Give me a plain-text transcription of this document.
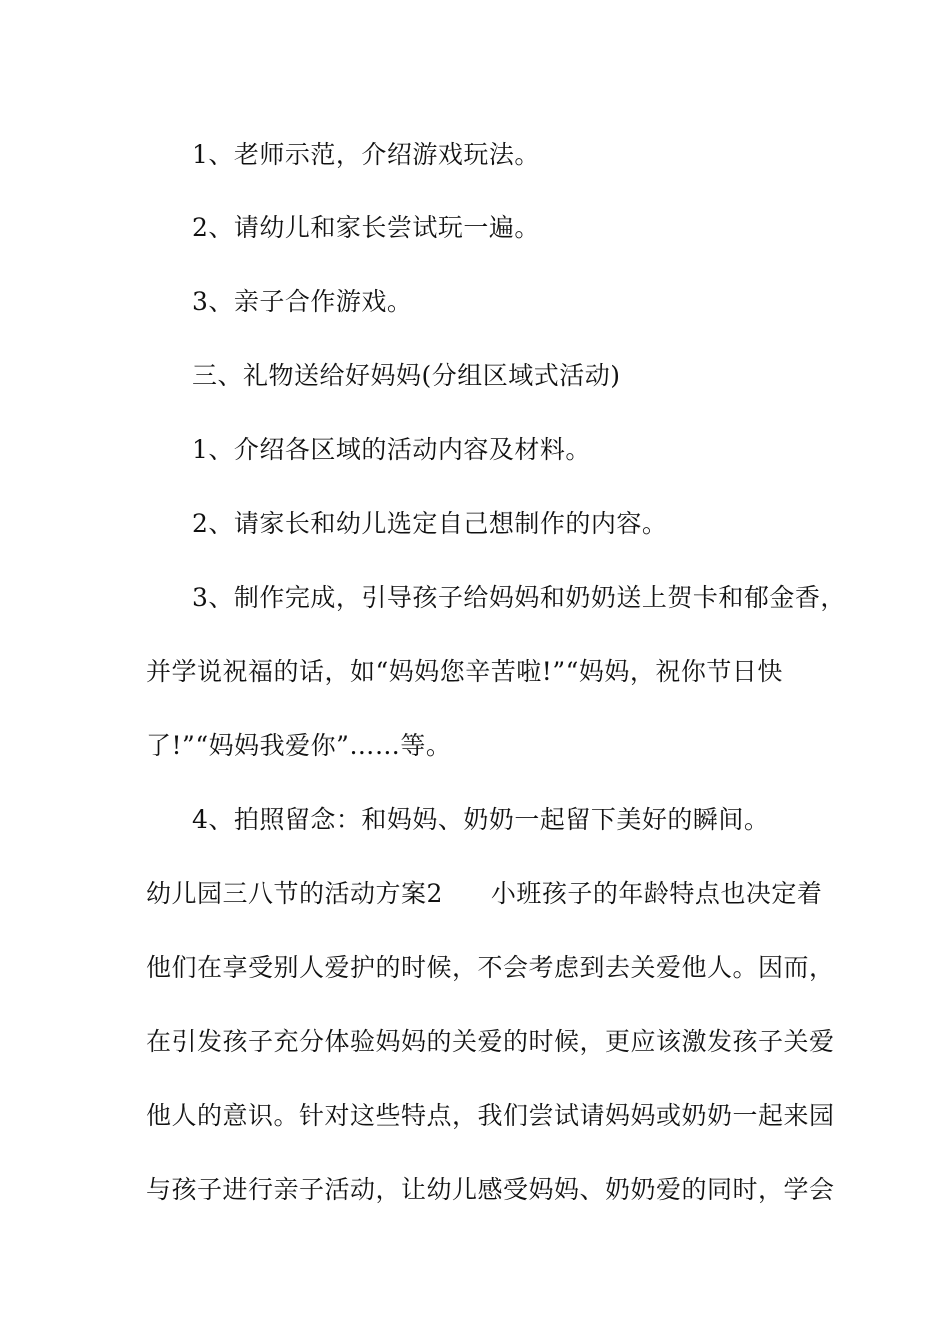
1、老师示范，介绍游戏玩法。
2、请幼儿和家长尝试玩一遍。
3、亲子合作游戏。
三、礼物送给好妈妈(分组区域式活动)
1、介绍各区域的活动内容及材料。
2、请家长和幼儿选定自己想制作的内容。
3、制作完成，引导孩子给妈妈和奶奶送上贺卡和郁金香，
并学说祝福的话，如“妈妈您辛苦啦!”“妈妈，祝你节日快
了!”“妈妈我爱你”……等。
4、拍照留念：和妈妈、奶奶一起留下美好的瞬间。
幼儿园三八节的活动方案2 小班孩子的年龄特点也决定着
他们在享受别人爱护的时候，不会考虑到去关爱他人。因而，
在引发孩子充分体验妈妈的关爱的时候，更应该激发孩子关爱
他人的意识。针对这些特点，我们尝试请妈妈或奶奶一起来园
与孩子进行亲子活动，让幼儿感受妈妈、奶奶爱的同时，学会
